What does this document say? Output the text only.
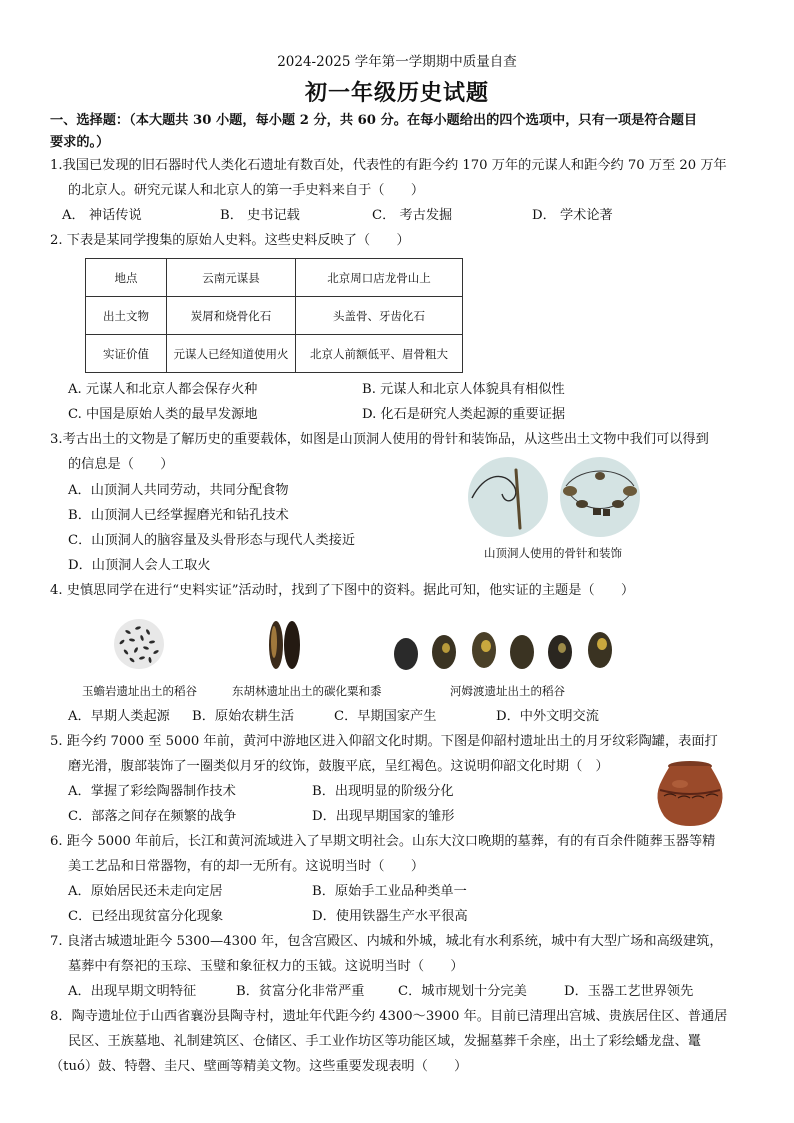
2024-2025 学年第一学期期中质量自查
初一年级历史试题
一、选择题：（本大题共 30 小题，每小题 2 分，共 60 分。在每小题给出的四个选项中，只有一项是符合题目
要求的。）
1.我国已发现的旧石器时代人类化石遗址有数百处，代表性的有距今约 170 万年的元谋人和距今约 70 万至 20 万年
的北京人。研究元谋人和北京人的第一手史料来自于（　　）
A． 神话传说	B． 史书记载	C． 考古发掘	D． 学术论著
2. 下表是某同学搜集的原始人史料。这些史料反映了（　　）
地点	云南元谋县	北京周口店龙骨山上
出土文物	炭屑和烧骨化石	头盖骨、牙齿化石
实证价值	元谋人已经知道使用火	北京人前额低平、眉骨粗大
A. 元谋人和北京人都会保存火种	B. 元谋人和北京人体貌具有相似性
C. 中国是原始人类的最早发源地	D. 化石是研究人类起源的重要证据
3.考古出土的文物是了解历史的重要载体，如图是山顶洞人使用的骨针和装饰品，从这些出土文物中我们可以得到
的信息是（　　）
A．山顶洞人共同劳动，共同分配食物
B．山顶洞人已经掌握磨光和钻孔技术
C．山顶洞人的脑容量及头骨形态与现代人类接近
D．山顶洞人会人工取火
山顶洞人使用的骨针和装饰
4. 史慎思同学在进行“史料实证”活动时，找到了下图中的资料。据此可知，他实证的主题是（　　）
玉蟾岩遗址出土的稻谷	东胡林遗址出土的碳化粟和黍	河姆渡遗址出土的稻谷
A．早期人类起源 B．原始农耕生活	C．早期国家产生	D．中外文明交流
5. 距今约 7000 至 5000 年前，黄河中游地区进入仰韶文化时期。下图是仰韶村遗址出土的月牙纹彩陶罐，表面打
磨光滑，腹部装饰了一圈类似月牙的纹饰，鼓腹平底，呈红褐色。这说明仰韶文化时期（　）
A．掌握了彩绘陶器制作技术	B．出现明显的阶级分化
C．部落之间存在频繁的战争	D．出现早期国家的雏形
6. 距今 5000 年前后，长江和黄河流域进入了早期文明社会。山东大汶口晚期的墓葬，有的有百余件随葬玉器等精
美工艺品和日常器物，有的却一无所有。这说明当时（　　）
A．原始居民还未走向定居	B．原始手工业品种类单一
C．已经出现贫富分化现象	D．使用铁器生产水平很高
7. 良渚古城遗址距今 5300—4300 年，包含宫殿区、内城和外城，城北有水利系统，城中有大型广场和高级建筑，
墓葬中有祭祀的玉琮、玉璧和象征权力的玉钺。这说明当时（　　）
A．出现早期文明特征	B．贫富分化非常严重	C．城市规划十分完美	D．玉器工艺世界领先
8．陶寺遗址位于山西省襄汾县陶寺村，遗址年代距今约 4300～3900 年。目前已清理出宫城、贵族居住区、普通居
民区、王族墓地、礼制建筑区、仓储区、手工业作坊区等功能区域，发掘墓葬千余座，出土了彩绘蟠龙盘、鼍
（tuó）鼓、特磬、圭尺、壁画等精美文物。这些重要发现表明（　　）
